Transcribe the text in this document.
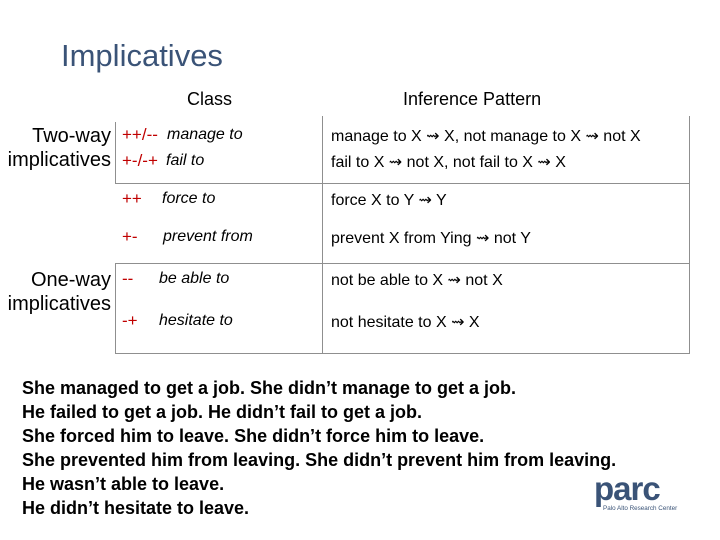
Implicatives
Class	Inference Pattern
Two-way
implicatives
One-way
implicatives
++/-- manage to	manage to X ⇝ X, not manage to X ⇝ not X
+-/-+ fail to	fail to X ⇝ not X, not fail to X ⇝ X
++ force to	force X to Y ⇝ Y
+- prevent from	prevent X from Ying ⇝ not Y
-- be able to	not be able to X ⇝ not X
-+ hesitate to	not hesitate to X ⇝ X
She managed to get a job. She didn’t manage to get a job.
He failed to get a job. He didn’t fail to get a job.
She forced him to leave. She didn’t force him to leave.
She prevented him from leaving. She didn’t prevent him from leaving.
He wasn’t able to leave.
He didn’t hesitate to leave.
parc
Palo Alto Research Center
